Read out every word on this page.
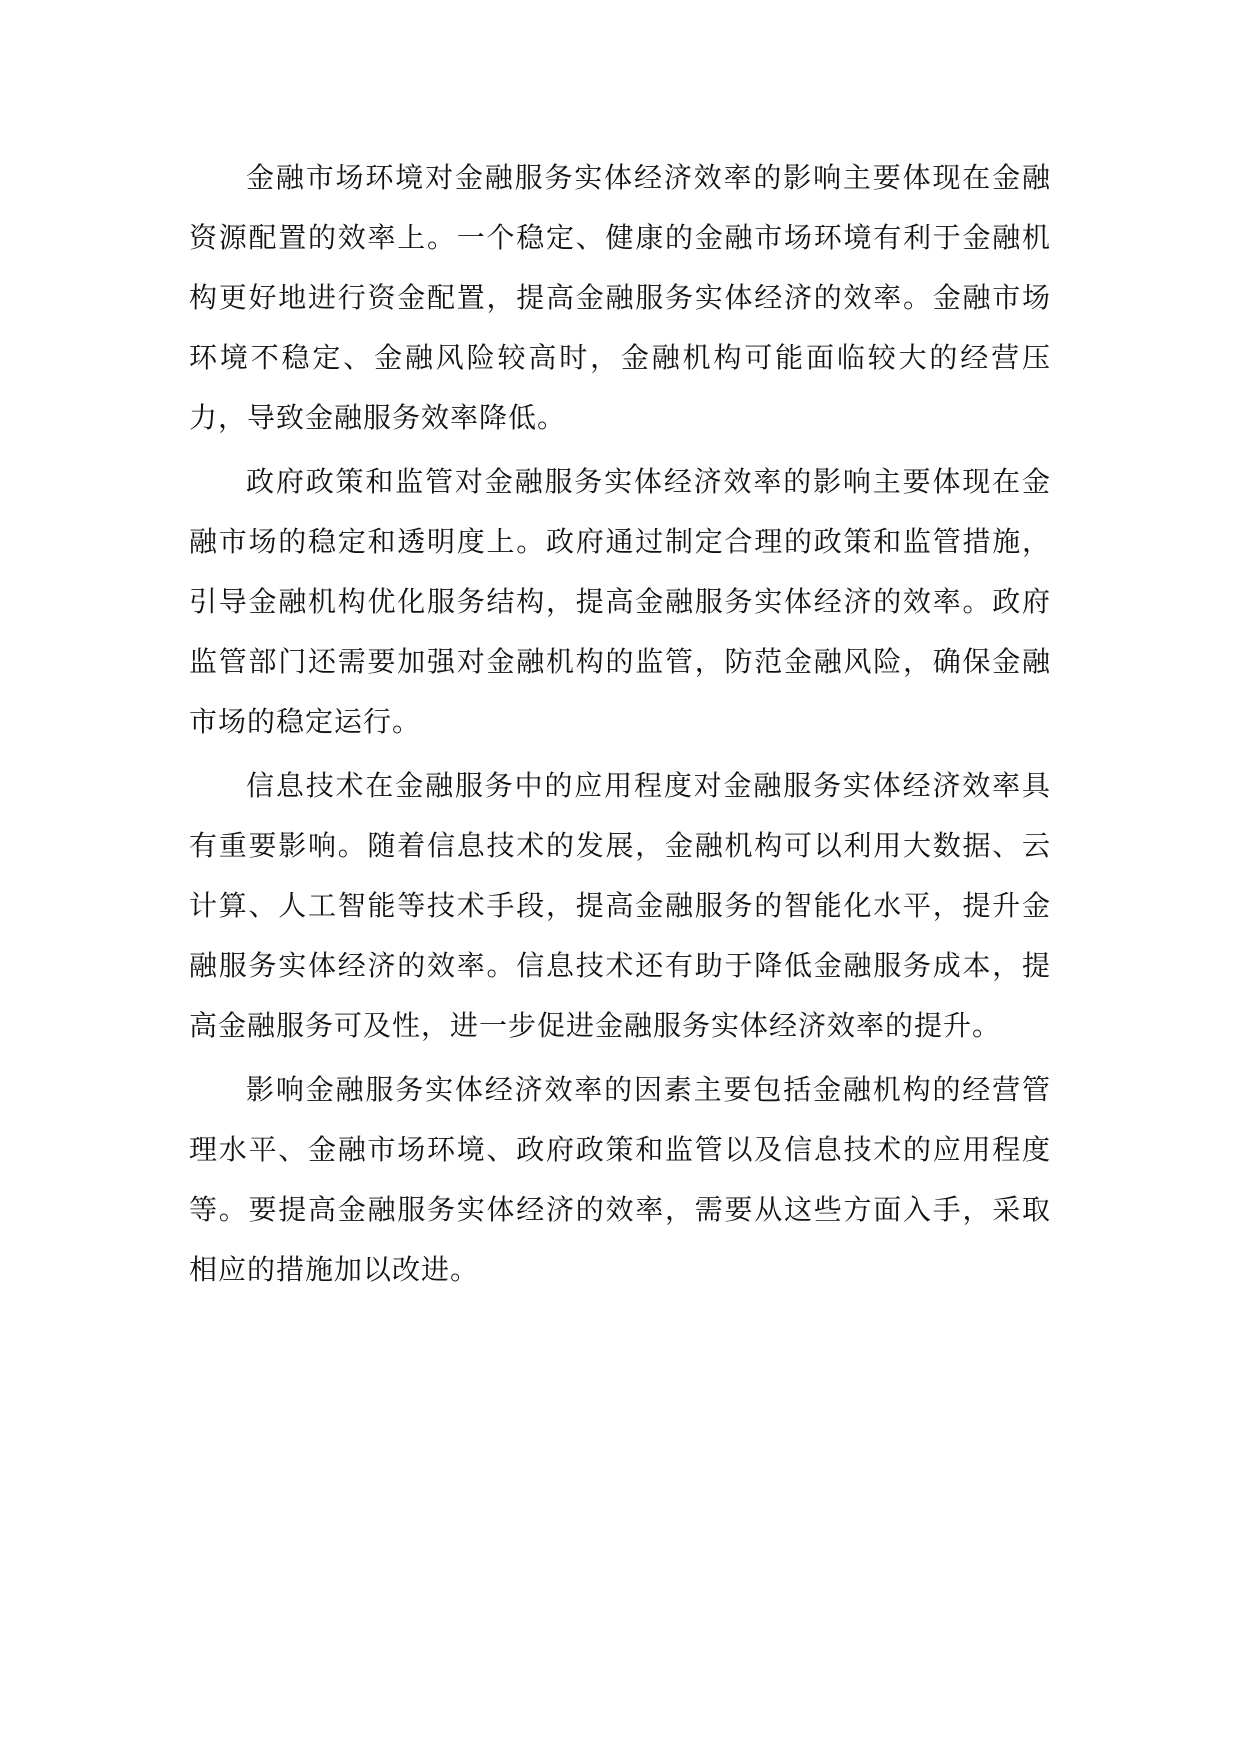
金融市场环境对金融服务实体经济效率的影响主要体现在金融资源配置的效率上。一个稳定、健康的金融市场环境有利于金融机构更好地进行资金配置，提高金融服务实体经济的效率。金融市场环境不稳定、金融风险较高时，金融机构可能面临较大的经营压力，导致金融服务效率降低。

政府政策和监管对金融服务实体经济效率的影响主要体现在金融市场的稳定和透明度上。政府通过制定合理的政策和监管措施，引导金融机构优化服务结构，提高金融服务实体经济的效率。政府监管部门还需要加强对金融机构的监管，防范金融风险，确保金融市场的稳定运行。

信息技术在金融服务中的应用程度对金融服务实体经济效率具有重要影响。随着信息技术的发展，金融机构可以利用大数据、云计算、人工智能等技术手段，提高金融服务的智能化水平，提升金融服务实体经济的效率。信息技术还有助于降低金融服务成本，提高金融服务可及性，进一步促进金融服务实体经济效率的提升。

影响金融服务实体经济效率的因素主要包括金融机构的经营管理水平、金融市场环境、政府政策和监管以及信息技术的应用程度等。要提高金融服务实体经济的效率，需要从这些方面入手，采取相应的措施加以改进。
